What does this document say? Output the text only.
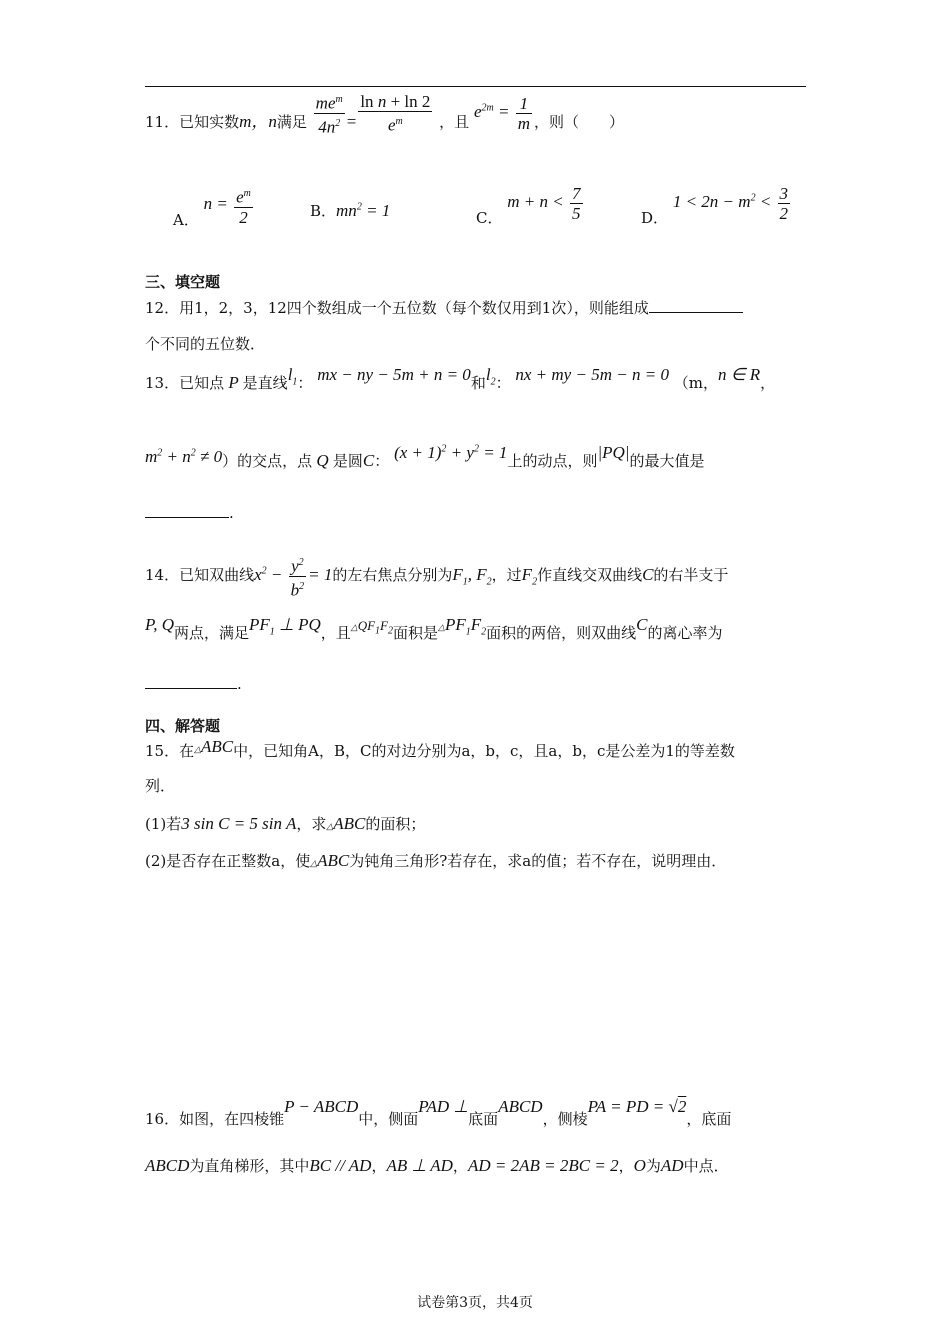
11．已知实数m，n满足 $\frac{me^m}{4n^2} = \frac{\text{ln n + ln 2}}{e^m}$ ，且 $e^{2m} = \frac{1}{m}$ ，则（　　）
A． $n = \frac{e^m}{2}$	B．$mn^2 = 1$	C． $m + n < \frac{7}{5}$	D． $1 < 2n - m^2 < \frac{3}{2}$
三、填空题
12．用1，2，3，12四个数组成一个五位数（每个数仅用到1次），则能组成
个不同的五位数．
13．已知点 P 是直线$l_1$： mx − ny − 5m + n = 0和$l_2$： nx + my − 5m − n = 0 （m，n ∈ R，
$m^2 + n^2 \ne 0$）的交点，点 Q 是圆C： $(x + 1)^2 + y^2 = 1$上的动点，则|PQ|的最大值是
.
14．已知双曲线$x^2 - \frac{y^2}{b^2} = 1$的左右焦点分别为$F_1$, $F_2$，过$F_2$作直线交双曲线C的右半支于
P, Q两点，满足$PF_1$ ⊥ PQ，且$\triangle QF_1F_2$面积是$\triangle PF_1F_2$面积的两倍，则双曲线C的离心率为
.
四、解答题
15．在△ABC中，已知角A，B，C的对边分别为a，b，c，且a，b，c是公差为1的等差数
列．
(1)若3 sin C = 5 sin A，求△ABC的面积；
(2)是否存在正整数a，使△ABC为钝角三角形?若存在，求a的值；若不存在，说明理由．
16．如图，在四棱锥P − ABCD中，侧面PAD ⊥底面ABCD，侧棱PA = PD = √2，底面
ABCD为直角梯形，其中BC // AD，AB ⊥ AD，AD = 2AB = 2BC = 2，O为AD中点．
试卷第3页，共4页
